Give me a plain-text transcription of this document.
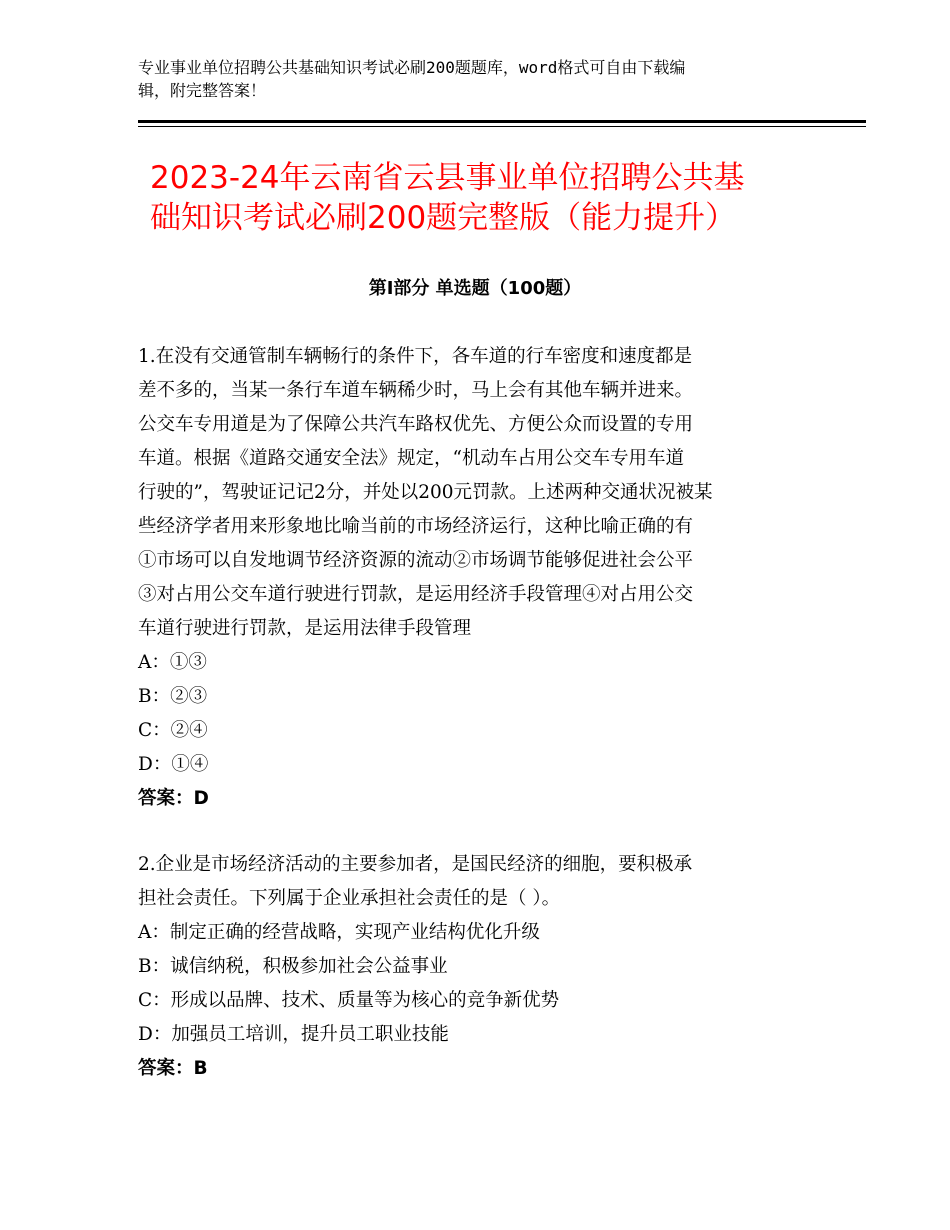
专业事业单位招聘公共基础知识考试必刷200题题库，word格式可自由下载编
辑，附完整答案！
2023-24年云南省云县事业单位招聘公共基
础知识考试必刷200题完整版（能力提升）
第Ⅰ部分 单选题（100题）

1.在没有交通管制车辆畅行的条件下，各车道的行车密度和速度都是

差不多的，当某一条行车道车辆稀少时，马上会有其他车辆并进来。

公交车专用道是为了保障公共汽车路权优先、方便公众而设置的专用

车道。根据《道路交通安全法》规定，“机动车占用公交车专用车道

行驶的”，驾驶证记记2分，并处以200元罚款。上述两种交通状况被某

些经济学者用来形象地比喻当前的市场经济运行，这种比喻正确的有

①市场可以自发地调节经济资源的流动②市场调节能够促进社会公平

③对占用公交车道行驶进行罚款，是运用经济手段管理④对占用公交

车道行驶进行罚款，是运用法律手段管理

A：①③

B：②③

C：②④

D：①④

答案：D

2.企业是市场经济活动的主要参加者，是国民经济的细胞，要积极承

担社会责任。下列属于企业承担社会责任的是（ ）。

A：制定正确的经营战略，实现产业结构优化升级

B：诚信纳税，积极参加社会公益事业

C：形成以品牌、技术、质量等为核心的竞争新优势

D：加强员工培训，提升员工职业技能

答案：B
